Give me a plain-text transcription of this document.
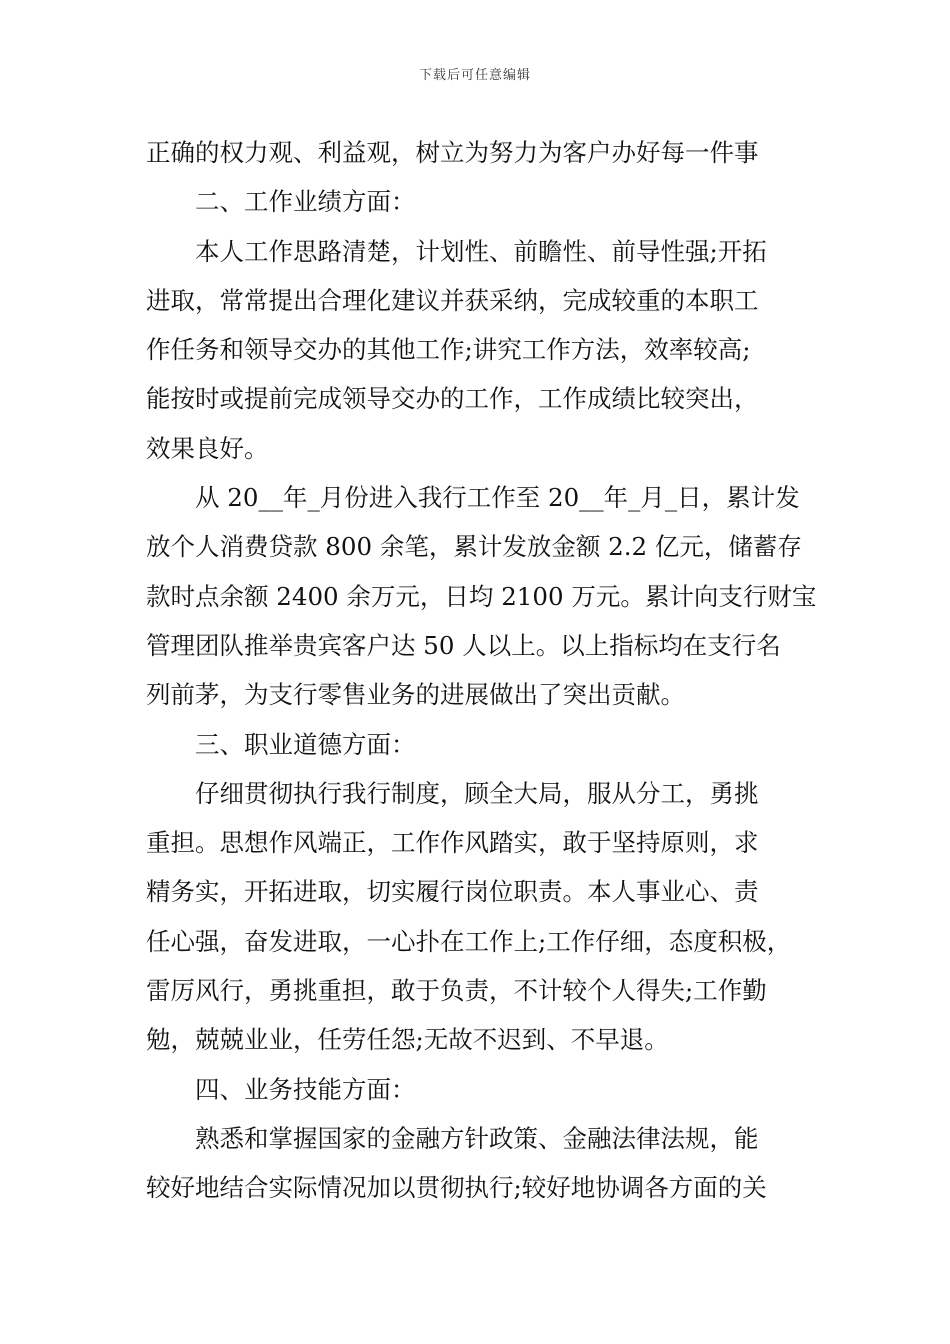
下载后可任意编辑
正确的权力观、利益观，树立为努力为客户办好每一件事
二、工作业绩方面：
本人工作思路清楚，计划性、前瞻性、前导性强;开拓
进取，常常提出合理化建议并获采纳，完成较重的本职工
作任务和领导交办的其他工作;讲究工作方法，效率较高;
能按时或提前完成领导交办的工作，工作成绩比较突出，
效果良好。
从 20__年_月份进入我行工作至 20__年_月_日，累计发
放个人消费贷款 800 余笔，累计发放金额 2.2 亿元，储蓄存
款时点余额 2400 余万元，日均 2100 万元。累计向支行财宝
管理团队推举贵宾客户达 50 人以上。以上指标均在支行名
列前茅，为支行零售业务的进展做出了突出贡献。
三、职业道德方面：
仔细贯彻执行我行制度，顾全大局，服从分工，勇挑
重担。思想作风端正，工作作风踏实，敢于坚持原则，求
精务实，开拓进取，切实履行岗位职责。本人事业心、责
任心强，奋发进取，一心扑在工作上;工作仔细，态度积极，
雷厉风行，勇挑重担，敢于负责，不计较个人得失;工作勤
勉，兢兢业业，任劳任怨;无故不迟到、不早退。
四、业务技能方面：
熟悉和掌握国家的金融方针政策、金融法律法规，能
较好地结合实际情况加以贯彻执行;较好地协调各方面的关
